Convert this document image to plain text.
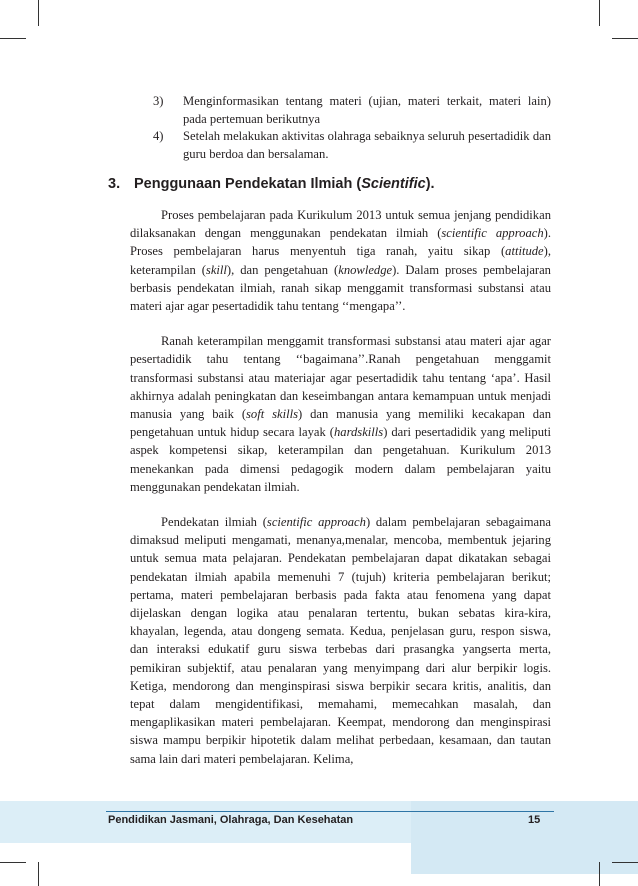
3) Menginformasikan tentang materi (ujian, materi terkait, materi lain) pada pertemuan berikutnya
4) Setelah melakukan aktivitas olahraga sebaiknya seluruh pesertadidik dan guru berdoa dan bersalaman.
3. Penggunaan Pendekatan Ilmiah (Scientific).

Proses pembelajaran pada Kurikulum 2013 untuk semua jenjang pendidikan dilaksanakan dengan menggunakan pendekatan ilmiah (scientific approach). Proses pembelajaran harus menyentuh tiga ranah, yaitu sikap (attitude), keterampilan (skill), dan pengetahuan (knowledge). Dalam proses pembelajaran berbasis pendekatan ilmiah, ranah sikap menggamit transformasi substansi atau materi ajar agar pesertadidik tahu tentang ‘‘mengapa’’.

Ranah keterampilan menggamit transformasi substansi atau materi ajar agar pesertadidik tahu tentang ‘‘bagaimana’’.Ranah pengetahuan menggamit transformasi substansi atau materiajar agar pesertadidik tahu tentang ‘apa’. Hasil akhirnya adalah peningkatan dan keseimbangan antara kemampuan untuk menjadi manusia yang baik (soft skills) dan manusia yang memiliki kecakapan dan pengetahuan untuk hidup secara layak (hardskills) dari pesertadidik yang meliputi aspek kompetensi sikap, keterampilan dan pengetahuan. Kurikulum 2013 menekankan pada dimensi pedagogik modern dalam pembelajaran yaitu menggunakan pendekatan ilmiah.

Pendekatan ilmiah (scientific approach) dalam pembelajaran sebagaimana dimaksud meliputi mengamati, menanya,menalar, mencoba, membentuk jejaring untuk semua mata pelajaran. Pendekatan pembelajaran dapat dikatakan sebagai pendekatan ilmiah apabila memenuhi 7 (tujuh) kriteria pembelajaran berikut; pertama, materi pembelajaran berbasis pada fakta atau fenomena yang dapat dijelaskan dengan logika atau penalaran tertentu, bukan sebatas kira-kira, khayalan, legenda, atau dongeng semata. Kedua, penjelasan guru, respon siswa, dan interaksi edukatif guru siswa terbebas dari prasangka yangserta merta, pemikiran subjektif, atau penalaran yang menyimpang dari alur berpikir logis. Ketiga, mendorong dan menginspirasi siswa berpikir secara kritis, analitis, dan tepat dalam mengidentifikasi, memahami, memecahkan masalah, dan mengaplikasikan materi pembelajaran. Keempat, mendorong dan menginspirasi siswa mampu berpikir hipotetik dalam melihat perbedaan, kesamaan, dan tautan sama lain dari materi pembelajaran. Kelima,

Pendidikan Jasmani, Olahraga, Dan Kesehatan	15
